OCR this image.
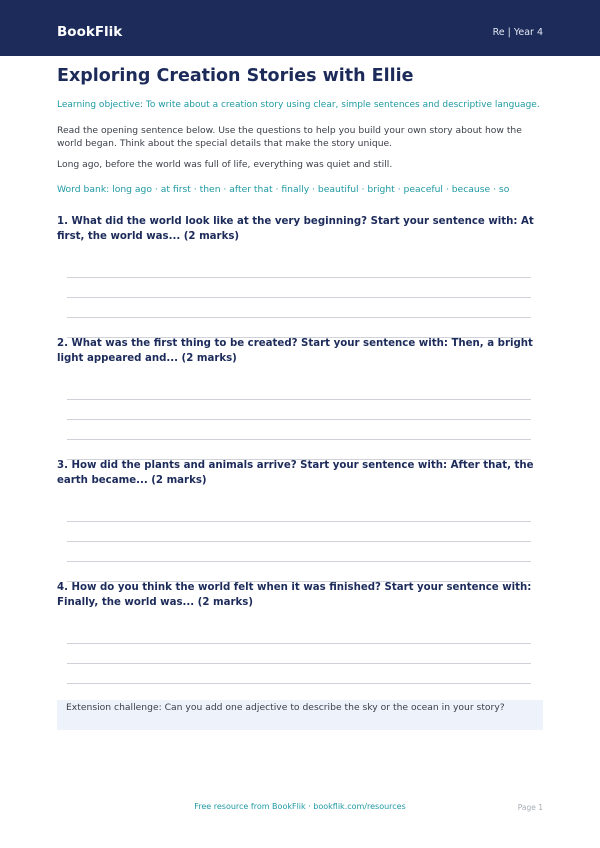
BookFlik	Re | Year 4
Exploring Creation Stories with Ellie
Learning objective: To write about a creation story using clear, simple sentences and descriptive language.
Read the opening sentence below. Use the questions to help you build your own story about how the world began. Think about the special details that make the story unique.
Long ago, before the world was full of life, everything was quiet and still.
Word bank: long ago · at first · then · after that · finally · beautiful · bright · peaceful · because · so
1. What did the world look like at the very beginning? Start your sentence with: At first, the world was... (2 marks)
2. What was the first thing to be created? Start your sentence with: Then, a bright light appeared and... (2 marks)
3. How did the plants and animals arrive? Start your sentence with: After that, the earth became... (2 marks)
4. How do you think the world felt when it was finished? Start your sentence with: Finally, the world was... (2 marks)
Extension challenge: Can you add one adjective to describe the sky or the ocean in your story?
Free resource from BookFlik · bookflik.com/resources	Page 1
